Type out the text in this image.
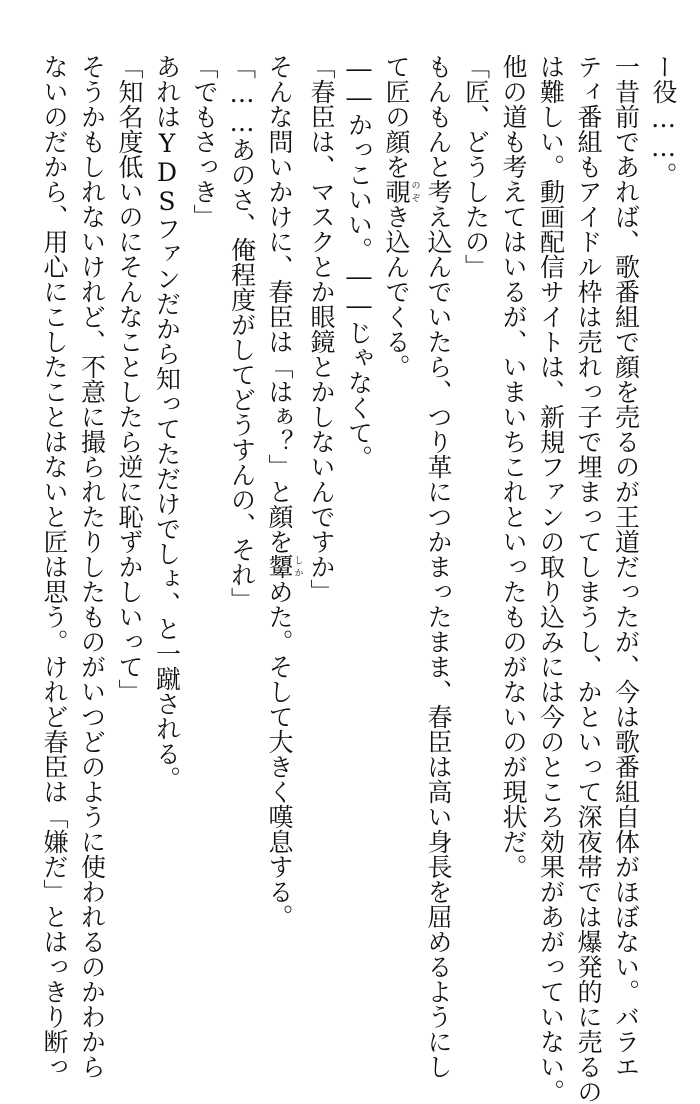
ー役……。
一昔前であれば、歌番組で顔を売るのが王道だったが、今は歌番組自体がほぼない。バラエ
ティ番組もアイドル枠は売れっ子で埋まってしまうし、かといって深夜帯では爆発的に売るの
は難しい。動画配信サイトは、新規ファンの取り込みには今のところ効果があがっていない。
他の道も考えてはいるが、いまいちこれといったものがないのが現状だ。
「匠、どうしたの」
もんもんと考え込んでいたら、つり革につかまったまま、春臣は高い身長を屈めるようにし
て匠の顔を覗のぞき込んでくる。
――かっこいい。――じゃなくて。
「春臣は、マスクとか眼鏡とかしないんですか」
そんな問いかけに、春臣は「はぁ？」と顔を顰しかめた。そして大きく嘆息する。
「……あのさ、俺程度がしてどうすんの、それ」
「でもさっき」
あれはYDSファンだから知ってただけでしょ、と一蹴される。
「知名度低いのにそんなことしたら逆に恥ずかしいって」
そうかもしれないけれど、不意に撮られたりしたものがいつどのように使われるのかわから
ないのだから、用心にこしたことはないと匠は思う。けれど春臣は「嫌だ」とはっきり断っ
